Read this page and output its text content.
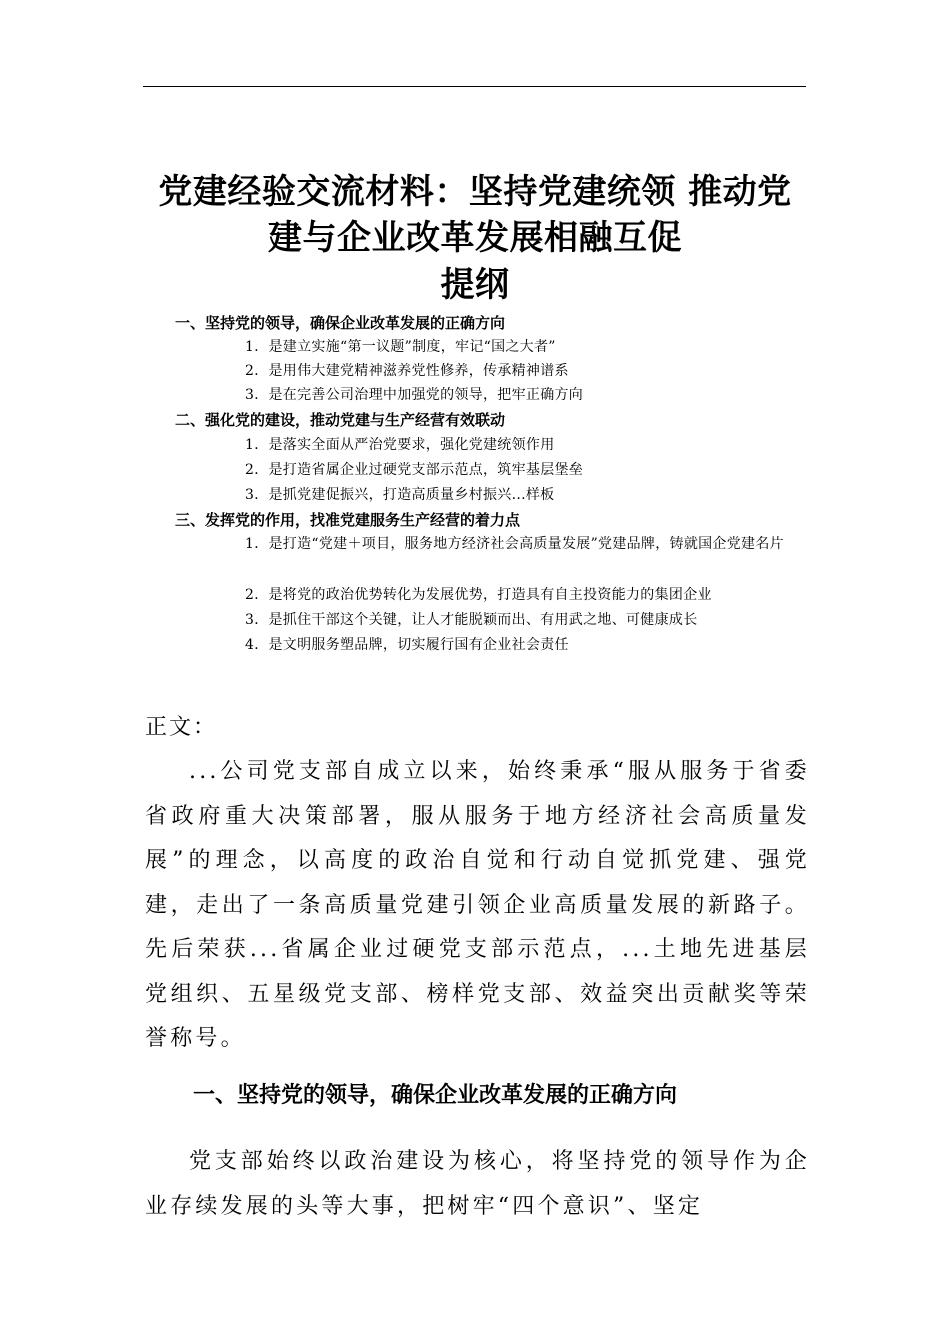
党建经验交流材料：坚持党建统领 推动党
建与企业改革发展相融互促
提纲
一、坚持党的领导，确保企业改革发展的正确方向
1．是建立实施“第一议题”制度，牢记“国之大者”
2．是用伟大建党精神滋养党性修养，传承精神谱系
3．是在完善公司治理中加强党的领导，把牢正确方向
二、强化党的建设，推动党建与生产经营有效联动
1．是落实全面从严治党要求，强化党建统领作用
2．是打造省属企业过硬党支部示范点，筑牢基层堡垒
3．是抓党建促振兴，打造高质量乡村振兴...样板
三、发挥党的作用，找准党建服务生产经营的着力点
1．是打造“党建＋项目，服务地方经济社会高质量发展”党建品牌，铸就国企党建名片
2．是将党的政治优势转化为发展优势，打造具有自主投资能力的集团企业
3．是抓住干部这个关键，让人才能脱颖而出、有用武之地、可健康成长
4．是文明服务塑品牌，切实履行国有企业社会责任
正文：

...公司党支部自成立以来，始终秉承“服从服务于省委省政府重大决策部署，服从服务于地方经济社会高质量发展”的理念，以高度的政治自觉和行动自觉抓党建、强党建，走出了一条高质量党建引领企业高质量发展的新路子。先后荣获...省属企业过硬党支部示范点，...土地先进基层党组织、五星级党支部、榜样党支部、效益突出贡献奖等荣誉称号。

一、坚持党的领导，确保企业改革发展的正确方向

党支部始终以政治建设为核心，将坚持党的领导作为企业存续发展的头等大事，把树牢“四个意识”、坚定
